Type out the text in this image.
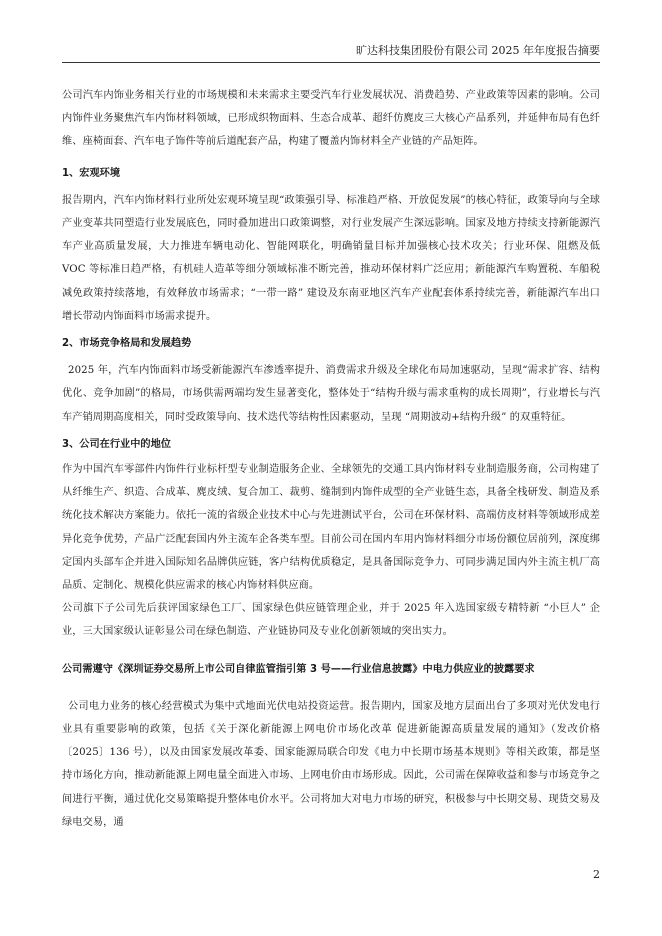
旷达科技集团股份有限公司 2025 年年度报告摘要

公司汽车内饰业务相关行业的市场规模和未来需求主要受汽车行业发展状况、消费趋势、产业政策等因素的影响。公司内饰件业务聚焦汽车内饰材料领域，已形成织物面料、生态合成革、超纤仿麂皮三大核心产品系列，并延伸布局有色纤维、座椅面套、汽车电子饰件等前后道配套产品，构建了覆盖内饰材料全产业链的产品矩阵。

1、宏观环境

报告期内，汽车内饰材料行业所处宏观环境呈现“政策强引导、标准趋严格、开放促发展”的核心特征，政策导向与全球产业变革共同塑造行业发展底色，同时叠加进出口政策调整，对行业发展产生深远影响。国家及地方持续支持新能源汽车产业高质量发展，大力推进车辆电动化、智能网联化，明确销量目标并加强核心技术攻关；行业环保、阻燃及低 VOC 等标准日趋严格，有机硅人造革等细分领域标准不断完善，推动环保材料广泛应用；新能源汽车购置税、车船税减免政策持续落地，有效释放市场需求；“一带一路” 建设及东南亚地区汽车产业配套体系持续完善，新能源汽车出口增长带动内饰面料市场需求提升。

2、市场竞争格局和发展趋势

2025 年，汽车内饰面料市场受新能源汽车渗透率提升、消费需求升级及全球化布局加速驱动，呈现“需求扩容、结构优化、竞争加剧”的格局，市场供需两端均发生显著变化，整体处于“结构升级与需求重构的成长周期”，行业增长与汽车产销周期高度相关，同时受政策导向、技术迭代等结构性因素驱动，呈现 “周期波动+结构升级” 的双重特征。

3、公司在行业中的地位

作为中国汽车零部件内饰件行业标杆型专业制造服务企业、全球领先的交通工具内饰材料专业制造服务商，公司构建了从纤维生产、织造、合成革、麂皮绒、复合加工、裁剪、缝制到内饰件成型的全产业链生态，具备全栈研发、制造及系统化技术解决方案能力。依托一流的省级企业技术中心与先进测试平台，公司在环保材料、高端仿皮材料等领域形成差异化竞争优势，产品广泛配套国内外主流车企各类车型。目前公司在国内车用内饰材料细分市场份额位居前列，深度绑定国内头部车企并进入国际知名品牌供应链，客户结构优质稳定，是具备国际竞争力、可同步满足国内外主流主机厂高品质、定制化、规模化供应需求的核心内饰材料供应商。

公司旗下子公司先后获评国家绿色工厂、国家绿色供应链管理企业，并于 2025 年入选国家级专精特新 “小巨人” 企业，三大国家级认证彰显公司在绿色制造、产业链协同及专业化创新领域的突出实力。

公司需遵守《深圳证券交易所上市公司自律监管指引第 3 号——行业信息披露》中电力供应业的披露要求

公司电力业务的核心经营模式为集中式地面光伏电站投资运营。报告期内，国家及地方层面出台了多项对光伏发电行业具有重要影响的政策，包括《关于深化新能源上网电价市场化改革 促进新能源高质量发展的通知》（发改价格〔2025〕136 号），以及由国家发展改革委、国家能源局联合印发《电力中长期市场基本规则》等相关政策，都是坚持市场化方向，推动新能源上网电量全面进入市场、上网电价由市场形成。因此，公司需在保障收益和参与市场竞争之间进行平衡，通过优化交易策略提升整体电价水平。公司将加大对电力市场的研究，积极参与中长期交易、现货交易及绿电交易，通

2
